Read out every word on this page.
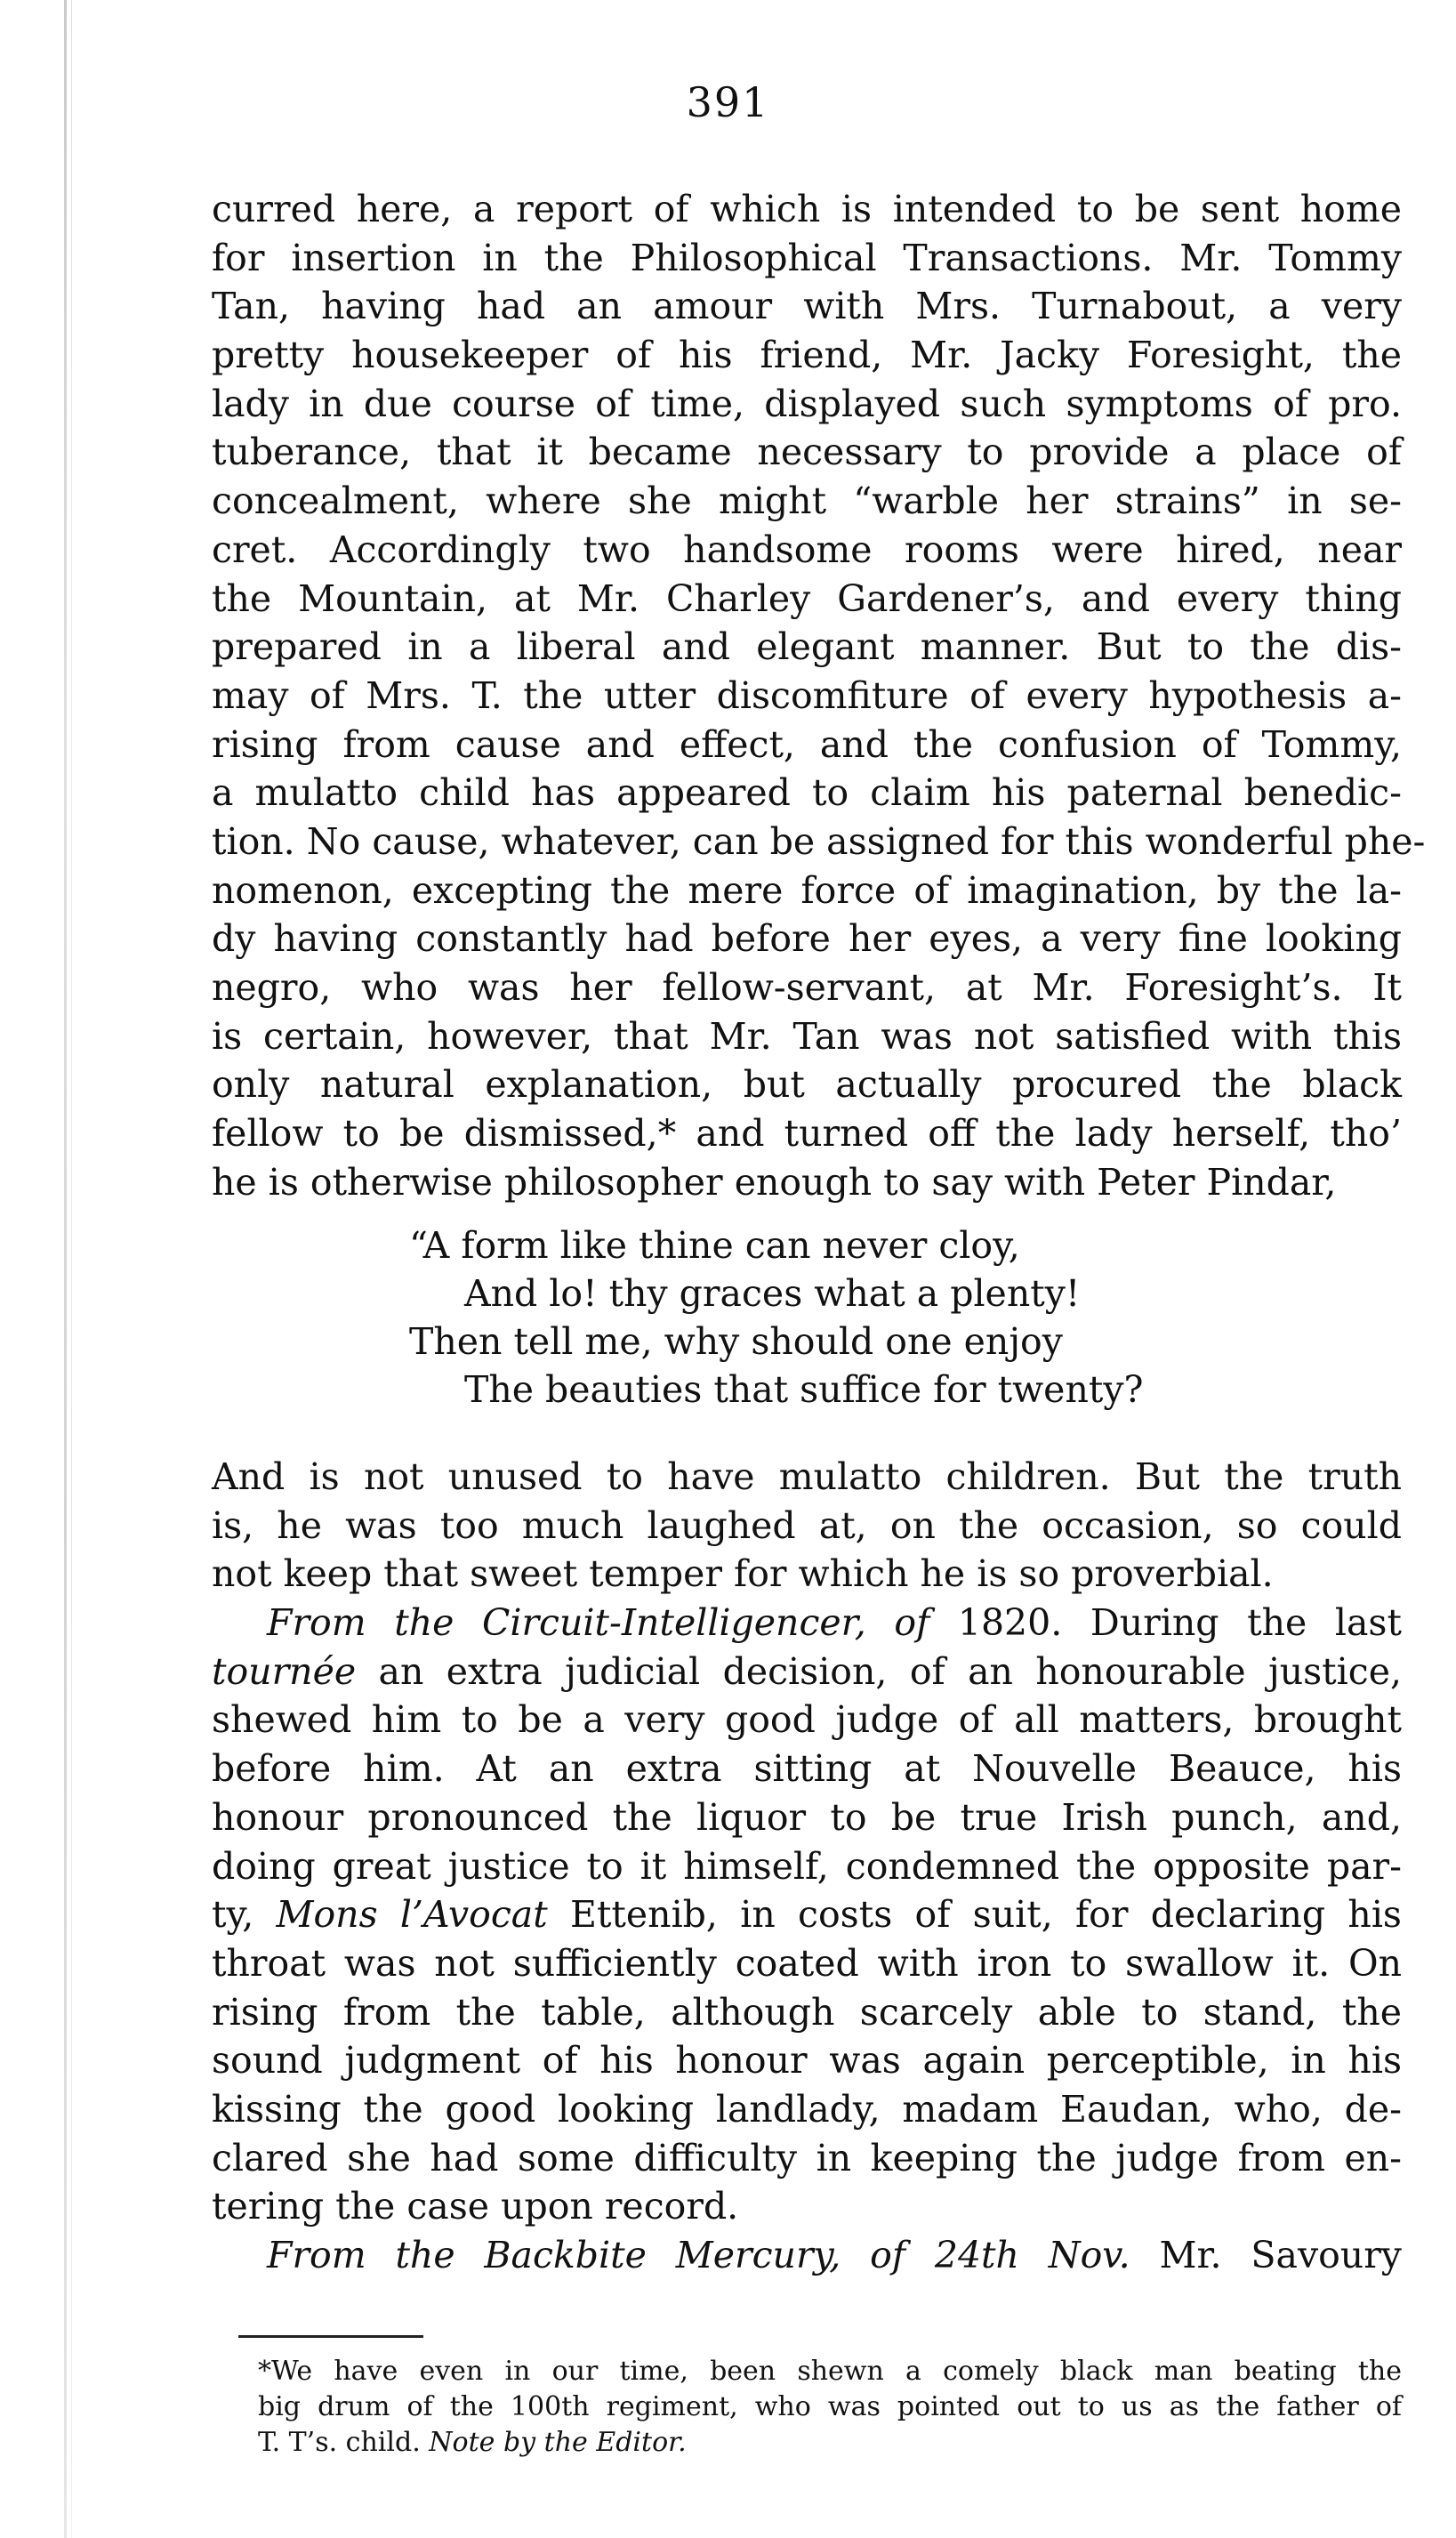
391
curred here, a report of which is intended to be sent home
for insertion in the Philosophical Transactions. Mr. Tommy
Tan, having had an amour with Mrs. Turnabout, a very
pretty housekeeper of his friend, Mr. Jacky Foresight, the
lady in due course of time, displayed such symptoms of pro.
tuberance, that it became necessary to provide a place of
concealment, where she might “warble her strains” in se-
cret. Accordingly two handsome rooms were hired, near
the Mountain, at Mr. Charley Gardener’s, and every thing
prepared in a liberal and elegant manner. But to the dis-
may of Mrs. T. the utter discomfiture of every hypothesis a-
rising from cause and effect, and the confusion of Tommy,
a mulatto child has appeared to claim his paternal benedic-
tion. No cause, whatever, can be assigned for this wonderful phe-
nomenon, excepting the mere force of imagination, by the la-
dy having constantly had before her eyes, a very fine looking
negro, who was her fellow-servant, at Mr. Foresight’s. It
is certain, however, that Mr. Tan was not satisfied with this
only natural explanation, but actually procured the black
fellow to be dismissed,* and turned off the lady herself, tho’
he is otherwise philosopher enough to say with Peter Pindar,
“A form like thine can never cloy,
And lo! thy graces what a plenty!
Then tell me, why should one enjoy
The beauties that suffice for twenty?
And is not unused to have mulatto children. But the truth
is, he was too much laughed at, on the occasion, so could
not keep that sweet temper for which he is so proverbial.
From the Circuit-Intelligencer, of 1820. During the last
tournée an extra judicial decision, of an honourable justice,
shewed him to be a very good judge of all matters, brought
before him. At an extra sitting at Nouvelle Beauce, his
honour pronounced the liquor to be true Irish punch, and,
doing great justice to it himself, condemned the opposite par-
ty, Mons l’Avocat Ettenib, in costs of suit, for declaring his
throat was not sufficiently coated with iron to swallow it. On
rising from the table, although scarcely able to stand, the
sound judgment of his honour was again perceptible, in his
kissing the good looking landlady, madam Eaudan, who, de-
clared she had some difficulty in keeping the judge from en-
tering the case upon record.
From the Backbite Mercury, of 24th Nov. Mr. Savoury
*We have even in our time, been shewn a comely black man beating the
big drum of the 100th regiment, who was pointed out to us as the father of
T. T’s. child. Note by the Editor.
